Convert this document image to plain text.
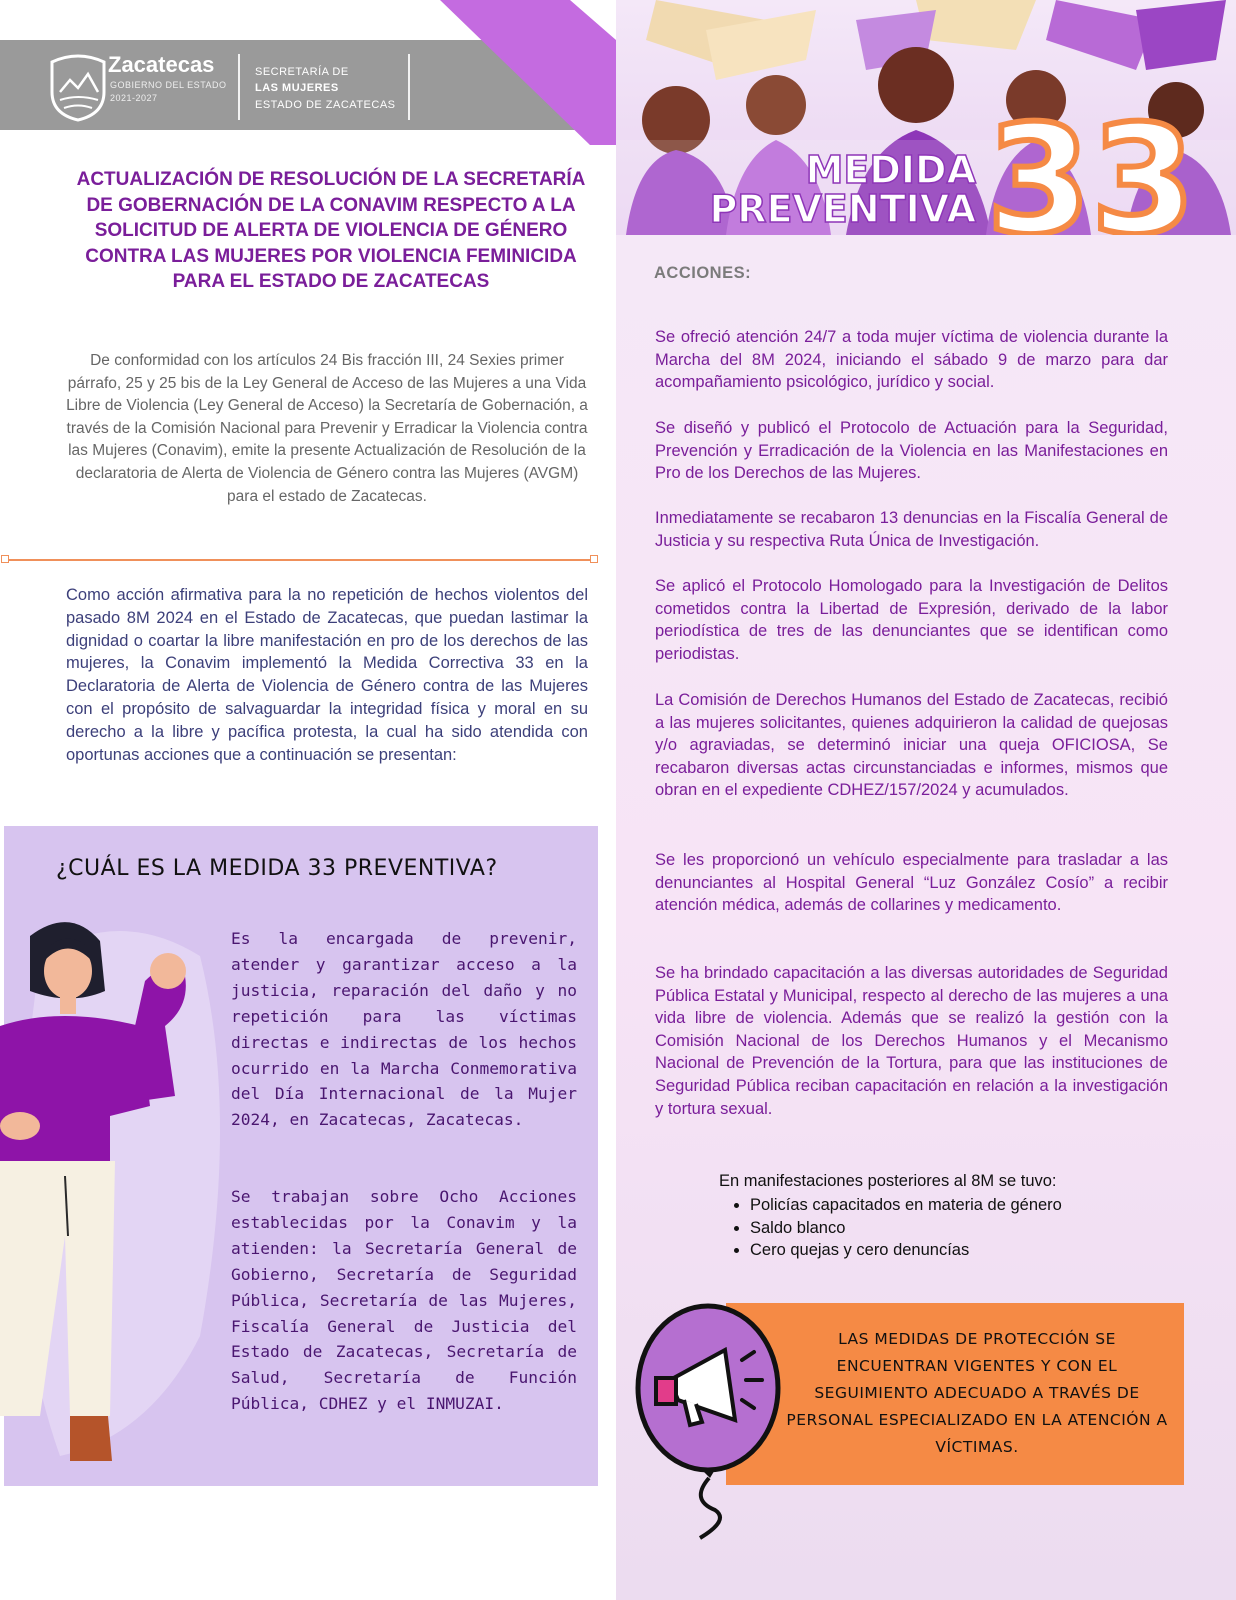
Zacatecas
GOBIERNO DEL ESTADO
2021-2027
SECRETARÍA DE
LAS MUJERES
ESTADO DE ZACATECAS
MEDIDA
PREVENTIVA 33
ACTUALIZACIÓN DE RESOLUCIÓN DE LA SECRETARÍA DE GOBERNACIÓN DE LA CONAVIM RESPECTO A LA SOLICITUD DE ALERTA DE VIOLENCIA DE GÉNERO CONTRA LAS MUJERES POR VIOLENCIA FEMINICIDA PARA EL ESTADO DE ZACATECAS
De conformidad con los artículos 24 Bis fracción III, 24 Sexies primer párrafo, 25 y 25 bis de la Ley General de Acceso de las Mujeres a una Vida Libre de Violencia (Ley General de Acceso) la Secretaría de Gobernación, a través de la Comisión Nacional para Prevenir y Erradicar la Violencia contra las Mujeres (Conavim), emite la presente Actualización de Resolución de la declaratoria de Alerta de Violencia de Género contra las Mujeres (AVGM) para el estado de Zacatecas.
Como acción afirmativa para la no repetición de hechos violentos del pasado 8M 2024 en el Estado de Zacatecas, que puedan lastimar la dignidad o coartar la libre manifestación en pro de los derechos de las mujeres, la Conavim implementó la Medida Correctiva 33 en la Declaratoria de Alerta de Violencia de Género contra de las Mujeres con el propósito de salvaguardar la integridad física y moral en su derecho a la libre y pacífica protesta, la cual ha sido atendida con oportunas acciones que a continuación se presentan:
¿CUÁL ES LA MEDIDA 33 PREVENTIVA?
Es la encargada de prevenir, atender y garantizar acceso a la justicia, reparación del daño y no repetición para las víctimas directas e indirectas de los hechos ocurrido en la Marcha Conmemorativa del Día Internacional de la Mujer 2024, en Zacatecas, Zacatecas.
Se trabajan sobre Ocho Acciones establecidas por la Conavim y la atienden: la Secretaría General de Gobierno, Secretaría de Seguridad Pública, Secretaría de las Mujeres, Fiscalía General de Justicia del Estado de Zacatecas, Secretaría de Salud, Secretaría de Función Pública, CDHEZ y el INMUZAI.
ACCIONES:
Se ofreció atención 24/7 a toda mujer víctima de violencia durante la Marcha del 8M 2024, iniciando el sábado 9 de marzo para dar acompañamiento psicológico, jurídico y social.
Se diseñó y publicó el Protocolo de Actuación para la Seguridad, Prevención y Erradicación de la Violencia en las Manifestaciones en Pro de los Derechos de las Mujeres.
Inmediatamente se recabaron 13 denuncias en la Fiscalía General de Justicia y su respectiva Ruta Única de Investigación.
Se aplicó el Protocolo Homologado para la Investigación de Delitos cometidos contra la Libertad de Expresión, derivado de la labor periodística de tres de las denunciantes que se identifican como periodistas.
La Comisión de Derechos Humanos del Estado de Zacatecas, recibió a las mujeres solicitantes, quienes adquirieron la calidad de quejosas y/o agraviadas, se determinó iniciar una queja OFICIOSA, Se recabaron diversas actas circunstanciadas e informes, mismos que obran en el expediente CDHEZ/157/2024 y acumulados.
Se les proporcionó un vehículo especialmente para trasladar a las denunciantes al Hospital General “Luz González Cosío” a recibir atención médica, además de collarines y medicamento.
Se ha brindado capacitación a las diversas autoridades de Seguridad Pública Estatal y Municipal, respecto al derecho de las mujeres a una vida libre de violencia. Además que se realizó la gestión con la Comisión Nacional de los Derechos Humanos y el Mecanismo Nacional de Prevención de la Tortura, para que las instituciones de Seguridad Pública reciban capacitación en relación a la investigación y tortura sexual.
En manifestaciones posteriores al 8M se tuvo:
• Policías capacitados en materia de género
• Saldo blanco
• Cero quejas y cero denuncías
LAS MEDIDAS DE PROTECCIÓN SE ENCUENTRAN VIGENTES Y CON EL SEGUIMIENTO ADECUADO A TRAVÉS DE PERSONAL ESPECIALIZADO EN LA ATENCIÓN A VÍCTIMAS.
